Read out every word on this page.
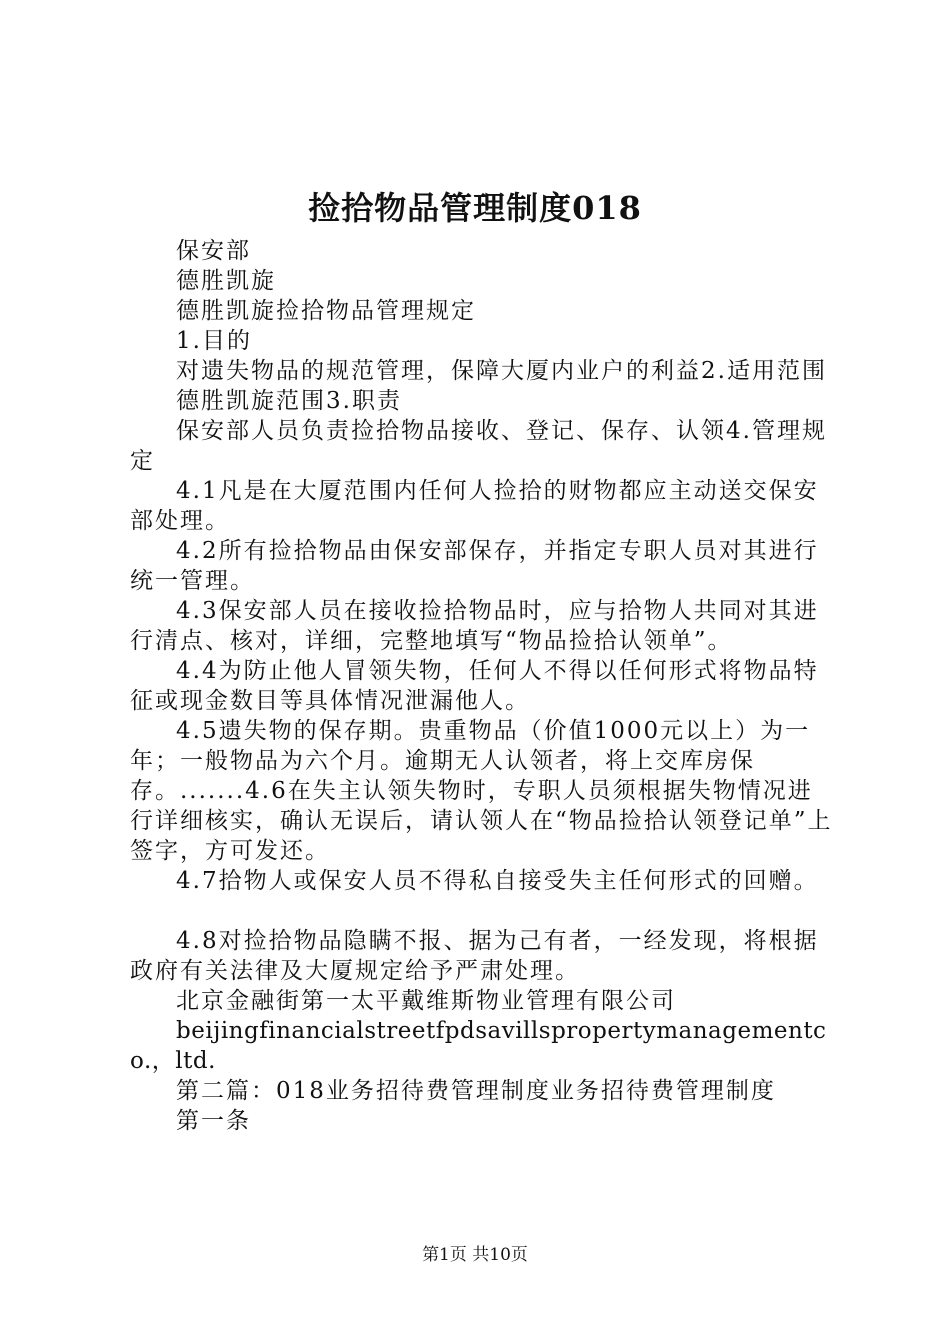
捡拾物品管理制度018

保安部

德胜凯旋

德胜凯旋捡拾物品管理规定

1.目的

对遗失物品的规范管理，保障大厦内业户的利益2.适用范围

德胜凯旋范围3.职责

保安部人员负责捡拾物品接收、登记、保存、认领4.管理规定

4.1凡是在大厦范围内任何人捡拾的财物都应主动送交保安部处理。

4.2所有捡拾物品由保安部保存，并指定专职人员对其进行统一管理。

4.3保安部人员在接收捡拾物品时，应与拾物人共同对其进行清点、核对，详细，完整地填写“物品捡拾认领单”。

4.4为防止他人冒领失物，任何人不得以任何形式将物品特征或现金数目等具体情况泄漏他人。

4.5遗失物的保存期。贵重物品（价值1000元以上）为一年；一般物品为六个月。逾期无人认领者，将上交库房保存。.......4.6在失主认领失物时，专职人员须根据失物情况进行详细核实，确认无误后，请认领人在“物品捡拾认领登记单”上签字，方可发还。

4.7拾物人或保安人员不得私自接受失主任何形式的回赠。

4.8对捡拾物品隐瞒不报、据为己有者，一经发现，将根据政府有关法律及大厦规定给予严肃处理。

北京金融街第一太平戴维斯物业管理有限公司

beijingfinancialstreetfpdsavillspropertymanagementco.，ltd.

第二篇：018业务招待费管理制度业务招待费管理制度

第一条

第1页 共10页
